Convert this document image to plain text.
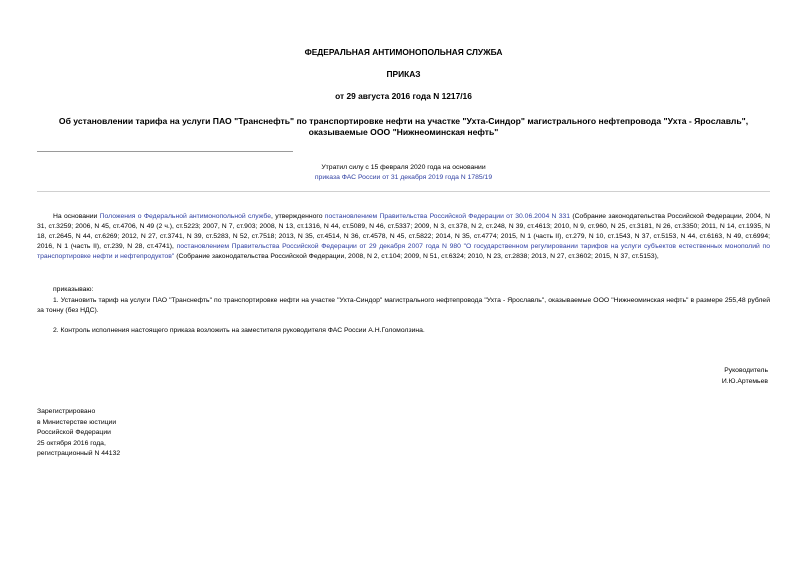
ФЕДЕРАЛЬНАЯ АНТИМОНОПОЛЬНАЯ СЛУЖБА
ПРИКАЗ
от 29 августа 2016 года N 1217/16
Об установлении тарифа на услуги ПАО "Транснефть" по транспортировке нефти на участке "Ухта-Синдор" магистрального нефтепровода "Ухта - Ярославль",
оказываемые ООО "Нижнеоминская нефть"
Утратил силу с 15 февраля 2020 года на основании
приказа ФАС России от 31 декабря 2019 года N 1785/19
На основании Положения о Федеральной антимонопольной службе, утвержденного постановлением Правительства Российской Федерации от 30.06.2004 N 331 (Собрание законодательства Российской Федерации, 2004, N 31, ст.3259; 2006, N 45, ст.4706, N 49 (2 ч.), ст.5223; 2007, N 7, ст.903; 2008, N 13, ст.1316, N 44, ст.5089, N 46, ст.5337; 2009, N 3, ст.378, N 2, ст.248, N 39, ст.4613; 2010, N 9, ст.960, N 25, ст.3181, N 26, ст.3350; 2011, N 14, ст.1935, N 18, ст.2645, N 44, ст.6269; 2012, N 27, ст.3741, N 39, ст.5283, N 52, ст.7518; 2013, N 35, ст.4514, N 36, ст.4578, N 45, ст.5822; 2014, N 35, ст.4774; 2015, N 1 (часть II), ст.279, N 10, ст.1543, N 37, ст.5153, N 44, ст.6163, N 49, ст.6994; 2016, N 1 (часть II), ст.239, N 28, ст.4741), постановлением Правительства Российской Федерации от 29 декабря 2007 года N 980 "О государственном регулировании тарифов на услуги субъектов естественных монополий по транспортировке нефти и нефтепродуктов" (Собрание законодательства Российской Федерации, 2008, N 2, ст.104; 2009, N 51, ст.6324; 2010, N 23, ст.2838; 2013, N 27, ст.3602; 2015, N 37, ст.5153),
приказываю:
1. Установить тариф на услуги ПАО "Транснефть" по транспортировке нефти на участке "Ухта-Синдор" магистрального нефтепровода "Ухта - Ярославль", оказываемые ООО "Нижнеоминская нефть" в размере 255,48 рублей за тонну (без НДС).
2. Контроль исполнения настоящего приказа возложить на заместителя руководителя ФАС России А.Н.Голомолзина.
Руководитель
И.Ю.Артемьев
Зарегистрировано
в Министерстве юстиции
Российской Федерации
25 октября 2016 года,
регистрационный N 44132
